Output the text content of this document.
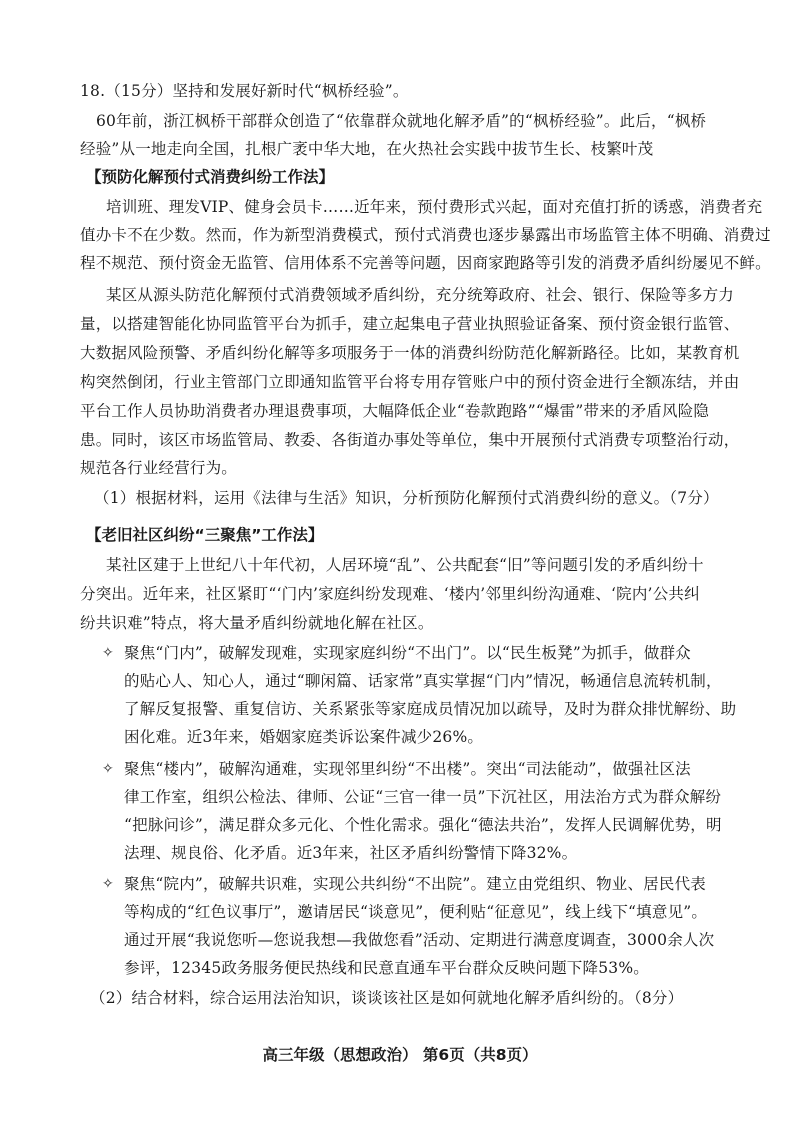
18.（15分）坚持和发展好新时代“枫桥经验”。
60年前，浙江枫桥干部群众创造了“依靠群众就地化解矛盾”的“枫桥经验”。此后，“枫桥
经验”从一地走向全国，扎根广袤中华大地，在火热社会实践中拔节生长、枝繁叶茂
【预防化解预付式消费纠纷工作法】
培训班、理发VIP、健身会员卡……近年来，预付费形式兴起，面对充值打折的诱惑，消费者充
值办卡不在少数。然而，作为新型消费模式，预付式消费也逐步暴露出市场监管主体不明确、消费过
程不规范、预付资金无监管、信用体系不完善等问题，因商家跑路等引发的消费矛盾纠纷屡见不鲜。
某区从源头防范化解预付式消费领域矛盾纠纷，充分统筹政府、社会、银行、保险等多方力
量，以搭建智能化协同监管平台为抓手，建立起集电子营业执照验证备案、预付资金银行监管、
大数据风险预警、矛盾纠纷化解等多项服务于一体的消费纠纷防范化解新路径。比如，某教育机
构突然倒闭，行业主管部门立即通知监管平台将专用存管账户中的预付资金进行全额冻结，并由
平台工作人员协助消费者办理退费事项，大幅降低企业“卷款跑路”“爆雷”带来的矛盾风险隐
患。同时，该区市场监管局、教委、各街道办事处等单位，集中开展预付式消费专项整治行动，
规范各行业经营行为。
（1）根据材料，运用《法律与生活》知识，分析预防化解预付式消费纠纷的意义。（7分）
【老旧社区纠纷“三聚焦”工作法】
某社区建于上世纪八十年代初，人居环境“乱”、公共配套“旧”等问题引发的矛盾纠纷十
分突出。近年来，社区紧盯“‘门内’家庭纠纷发现难、‘楼内’邻里纠纷沟通难、‘院内’公共纠
纷共识难”特点，将大量矛盾纠纷就地化解在社区。
✧ 聚焦“门内”，破解发现难，实现家庭纠纷“不出门”。以“民生板凳”为抓手，做群众
的贴心人、知心人，通过“聊闲篇、话家常”真实掌握“门内”情况，畅通信息流转机制，
了解反复报警、重复信访、关系紧张等家庭成员情况加以疏导，及时为群众排忧解纷、助
困化难。近3年来，婚姻家庭类诉讼案件减少26%。
✧ 聚焦“楼内”，破解沟通难，实现邻里纠纷“不出楼”。突出“司法能动”，做强社区法
律工作室，组织公检法、律师、公证“三官一律一员”下沉社区，用法治方式为群众解纷
“把脉问诊”，满足群众多元化、个性化需求。强化“德法共治”，发挥人民调解优势，明
法理、规良俗、化矛盾。近3年来，社区矛盾纠纷警情下降32%。
✧ 聚焦“院内”，破解共识难，实现公共纠纷“不出院”。建立由党组织、物业、居民代表
等构成的“红色议事厅”，邀请居民“谈意见”，便利贴“征意见”，线上线下“填意见”。
通过开展“我说您听—您说我想—我做您看”活动、定期进行满意度调查，3000余人次
参评，12345政务服务便民热线和民意直通车平台群众反映问题下降53%。
（2）结合材料，综合运用法治知识，谈谈该社区是如何就地化解矛盾纠纷的。（8分）
高三年级（思想政治） 第6页（共8页）
